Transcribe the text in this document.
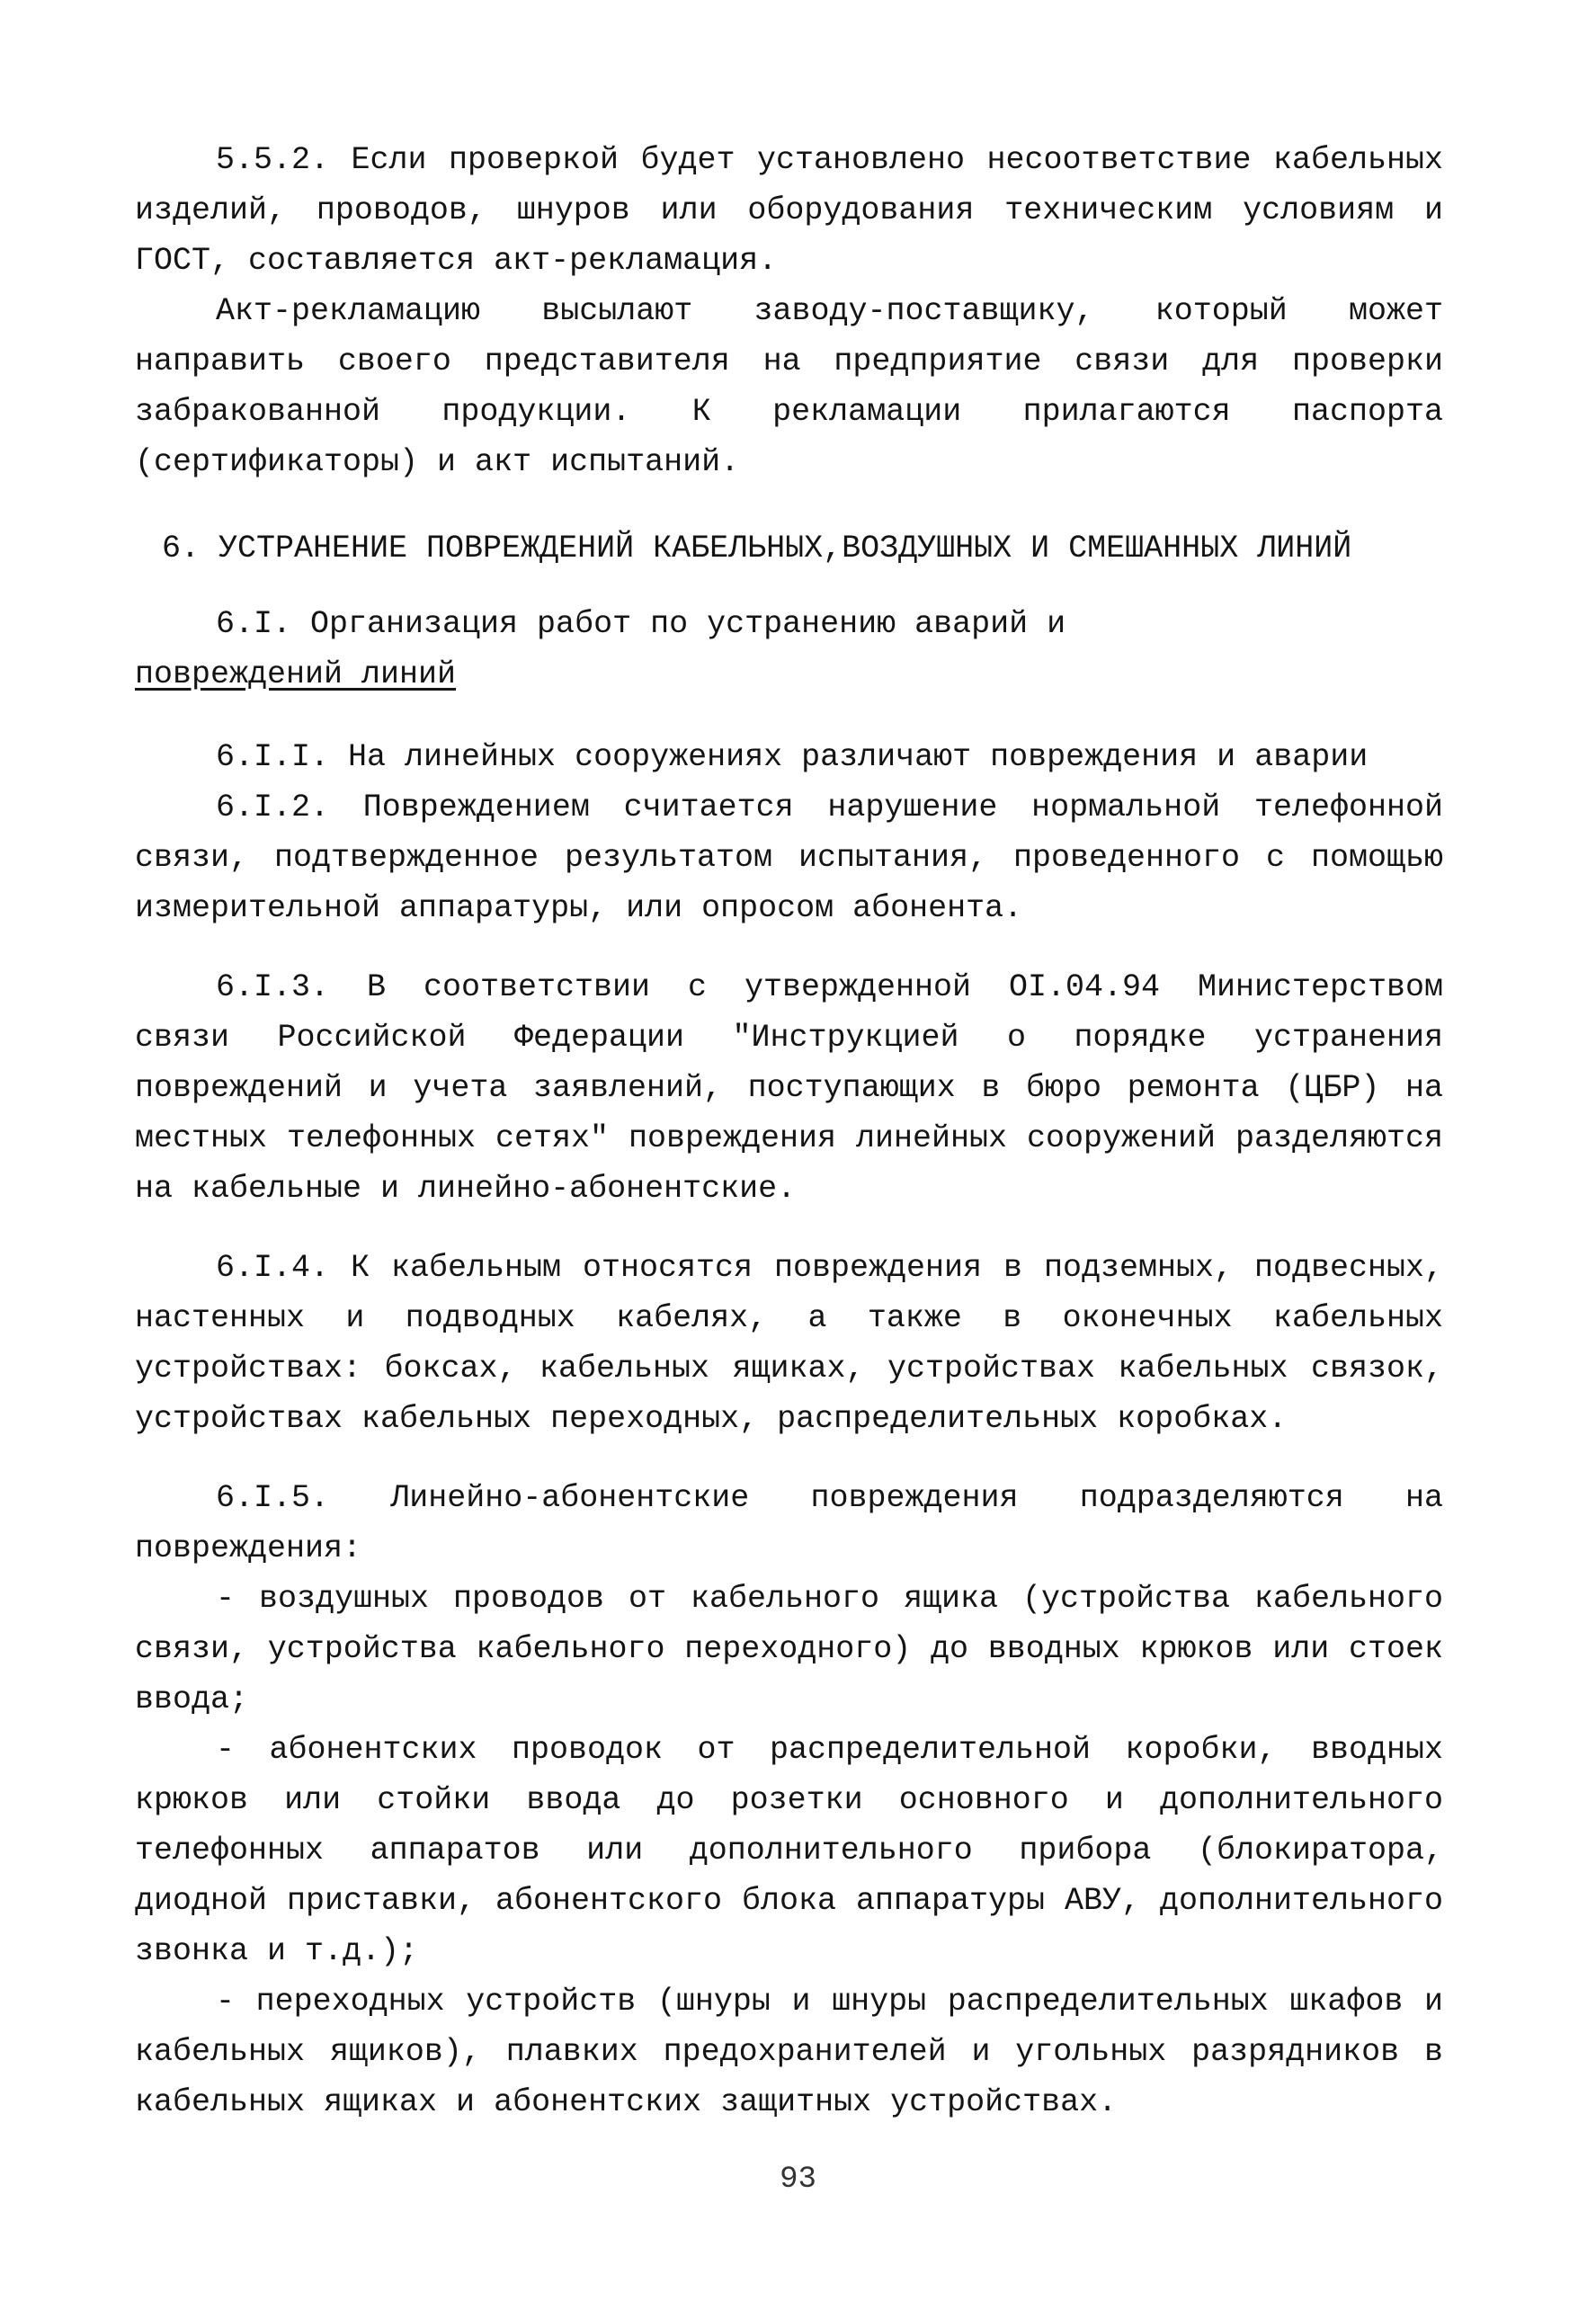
5.5.2. Если проверкой будет установлено несоответствие кабельных изделий, проводов, шнуров или оборудования техническим условиям и ГОСТ, составляется акт-рекламация.

Акт-рекламацию высылают заводу-поставщику, который может направить своего представителя на предприятие связи для проверки забракованной продукции. К рекламации прилагаются паспорта (сертификаторы) и акт испытаний.

6. УСТРАНЕНИЕ ПОВРЕЖДЕНИЙ КАБЕЛЬНЫХ,ВОЗДУШНЫХ И СМЕШАННЫХ ЛИНИЙ

6.I. Организация работ по устранению аварий и

повреждений линий

6.I.I. На линейных сооружениях различают повреждения и аварии

6.I.2. Повреждением считается нарушение нормальной телефонной связи, подтвержденное результатом испытания, проведенного с помощью измерительной аппаратуры, или опросом абонента.

6.I.3. В соответствии с утвержденной OI.04.94 Министерством связи Российской Федерации "Инструкцией о порядке устранения повреждений и учета заявлений, поступающих в бюро ремонта (ЦБР) на местных телефонных сетях" повреждения линейных сооружений разделяются на кабельные и линейно-абонентские.

6.I.4. К кабельным относятся повреждения в подземных, подвесных, настенных и подводных кабелях, а также в оконечных кабельных устройствах: боксах, кабельных ящиках, устройствах кабельных связок, устройствах кабельных переходных, распределительных коробках.

6.I.5. Линейно-абонентские повреждения подразделяются на повреждения:

- воздушных проводов от кабельного ящика (устройства кабельного связи, устройства кабельного переходного) до вводных крюков или стоек ввода;

- абонентских проводок от распределительной коробки, вводных крюков или стойки ввода до розетки основного и дополнительного телефонных аппаратов или дополнительного прибора (блокиратора, диодной приставки, абонентского блока аппаратуры АВУ, дополнительного звонка и т.д.);

- переходных устройств (шнуры и шнуры распределительных шкафов и кабельных ящиков), плавких предохранителей и угольных разрядников в кабельных ящиках и абонентских защитных устройствах.

93
